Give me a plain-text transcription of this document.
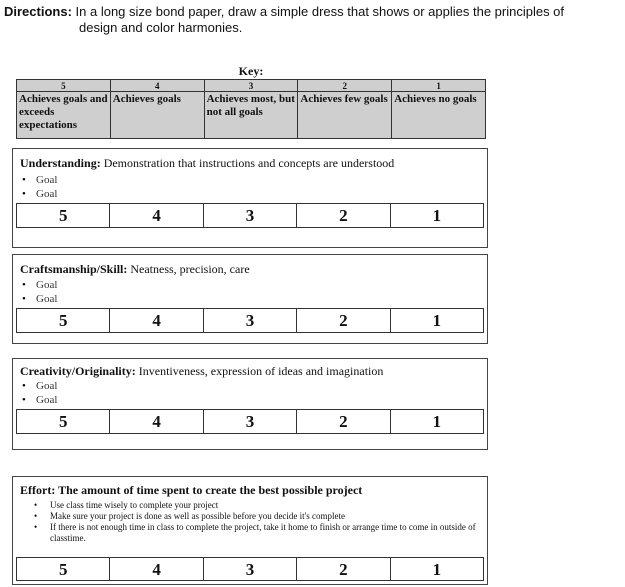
Directions: In a long size bond paper, draw a simple dress that shows or applies the principles of
design and color harmonies.
Key:				
5	4	3	2	1
Achieves goals and exceeds expectations	Achieves goals	Achieves most, but not all goals	Achieves few goals	Achieves no goals
Understanding: Demonstration that instructions and concepts are understood
• Goal
• Goal
5	4	3	2	1
Craftsmanship/Skill: Neatness, precision, care
• Goal
• Goal
5	4	3	2	1
Creativity/Originality: Inventiveness, expression of ideas and imagination
• Goal
• Goal
5	4	3	2	1
Effort: The amount of time spent to create the best possible project
• Use class time wisely to complete your project
• Make sure your project is done as well as possible before you decide it's complete
• If there is not enough time in class to complete the project, take it home to finish or arrange time to come in outside of classtime.
5	4	3	2	1
